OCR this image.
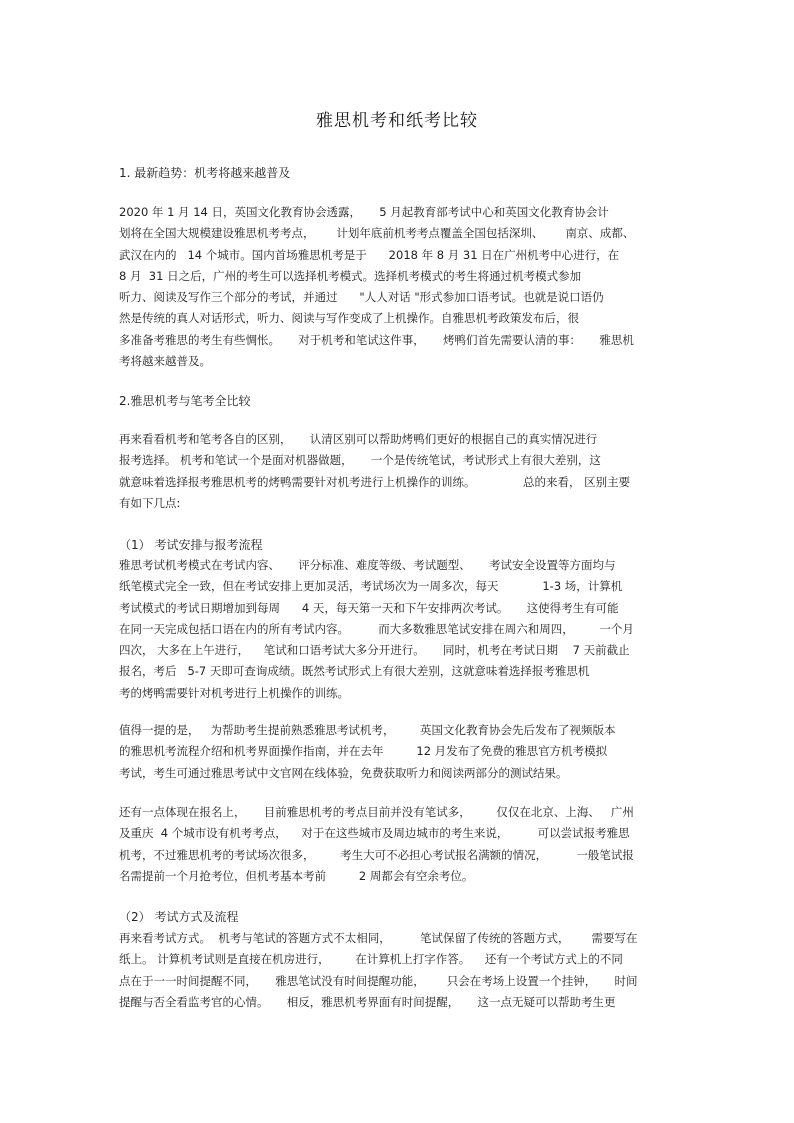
雅思机考和纸考比较
1. 最新趋势：机考将越来越普及
2020 年 1 月 14 日，英国文化教育协会透露，     5 月起教育部考试中心和英国文化教育协会计
划将在全国大规模建设雅思机考考点，      计划年底前机考考点覆盖全国包括深圳、      南京、成都、
武汉在内的   14 个城市。国内首场雅思机考是于      2018 年 8 月 31 日在广州机考中心进行，在
8 月  31 日之后，广州的考生可以选择机考模式。选择机考模式的考生将通过机考模式参加
听力、阅读及写作三个部分的考试，并通过      "人人对话 "形式参加口语考试。也就是说口语仍
然是传统的真人对话形式，听力、阅读与写作变成了上机操作。自雅思机考政策发布后，很
多准备考雅思的考生有些惆怅。     对于机考和笔试这件事，     烤鸭们首先需要认清的事：     雅思机
考将越来越普及。
2.雅思机考与笔考全比较
再来看看机考和笔考各自的区别，     认清区别可以帮助烤鸭们更好的根据自己的真实情况进行
报考选择。 机考和笔试一个是面对机器做题，     一个是传统笔试，考试形式上有很大差别，这
就意味着选择报考雅思机考的烤鸭需要针对机考进行上机操作的训练。             总的来看， 区别主要
有如下几点:
（1） 考试安排与报考流程
雅思考试机考模式在考试内容、     评分标准、难度等级、考试题型、     考试安全设置等方面均与
纸笔模式完全一致，但在考试安排上更加灵活，考试场次为一周多次，每天            1-3 场，计算机
考试模式的考试日期增加到每周      4 天，每天第一天和下午安排两次考试。     这使得考生有可能
在同一天完成包括口语在内的所有考试内容。        而大多数雅思笔试安排在周六和周四，       一个月
四次， 大多在上午进行，    笔试和口语考试大多分开进行。     同时，机考在考试日期    7 天前截止
报名，考后   5-7 天即可查询成绩。既然考试形式上有很大差别，这就意味着选择报考雅思机
考的烤鸭需要针对机考进行上机操作的训练。
值得一提的是，   为帮助考生提前熟悉雅思考试机考，       英国文化教育协会先后发布了视频版本
的雅思机考流程介绍和机考界面操作指南，并在去年         12 月发布了免费的雅思官方机考模拟
考试，考生可通过雅思考试中文官网在线体验，免费获取听力和阅读两部分的测试结果。
还有一点体现在报名上，     目前雅思机考的考点目前并没有笔试多，       仅仅在北京、上海、   广州
及重庆  4 个城市设有机考考点，    对于在这些城市及周边城市的考生来说，        可以尝试报考雅思
机考，不过雅思机考的考试场次很多，       考生大可不必担心考试报名满额的情况，        一般笔试报
名需提前一个月抢考位，但机考基本考前         2 周都会有空余考位。
（2） 考试方式及流程
再来看考试方式。  机考与笔试的答题方式不太相同，        笔试保留了传统的答题方式，      需要写在
纸上。 计算机考试则是直接在机房进行，       在计算机上打字作答。    还有一个考试方式上的不同
点在于一一时间提醒不同，     雅思笔试没有时间提醒功能，      只会在考场上设置一个挂钟，     时间
提醒与否全看监考官的心情。     相反，雅思机考界面有时间提醒，     这一点无疑可以帮助考生更
